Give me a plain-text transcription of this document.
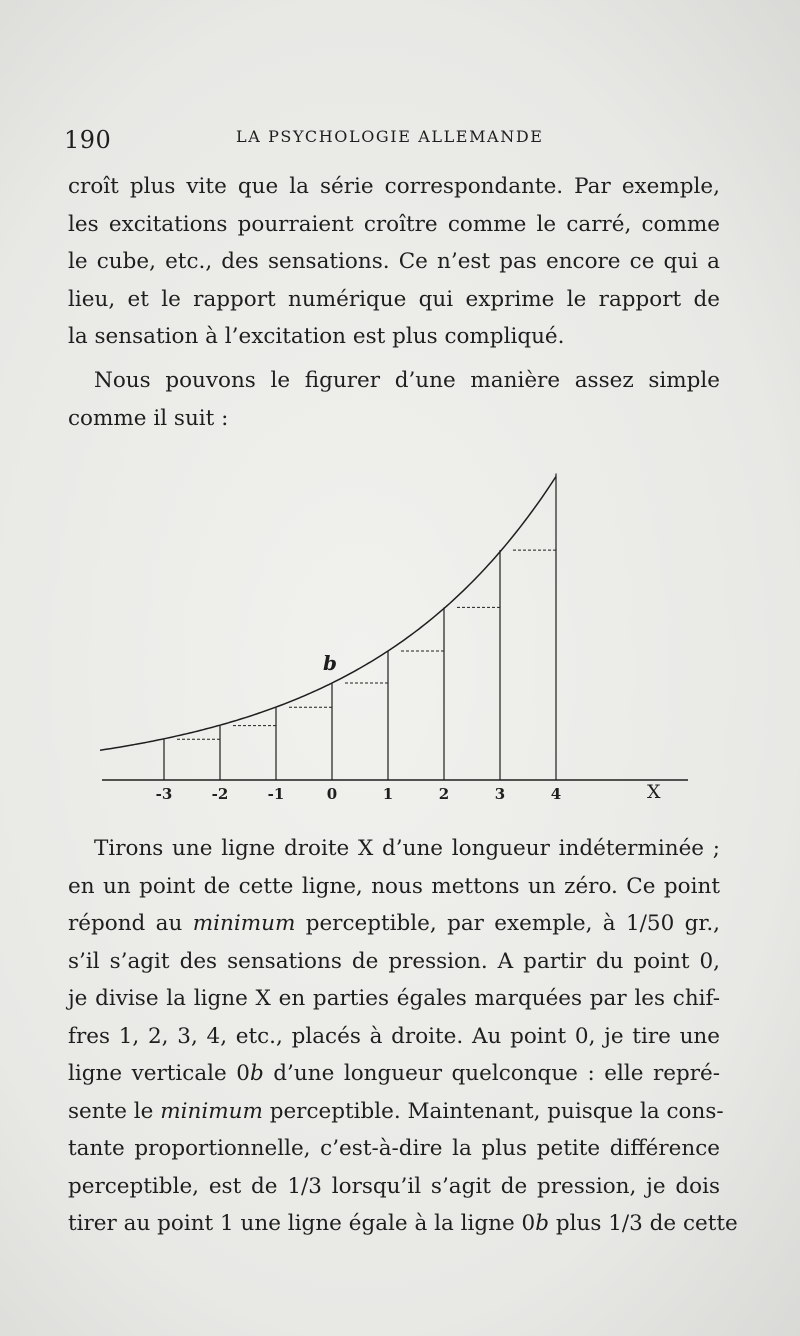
190	LA PSYCHOLOGIE ALLEMANDE

croît plus vite que la série correspondante. Par exemple,
les excitations pourraient croître comme le carré, comme
le cube, etc., des sensations. Ce n’est pas encore ce qui a
lieu, et le rapport numérique qui exprime le rapport de
la sensation à l’excitation est plus compliqué.

Nous pouvons le figurer d’une manière assez simple
comme il suit :

-3	-2	-1	0	1	2	3	4	X
b

Tirons une ligne droite X d’une longueur indéterminée ;
en un point de cette ligne, nous mettons un zéro. Ce point
répond au minimum perceptible, par exemple, à 1/50 gr.,
s’il s’agit des sensations de pression. A partir du point 0,
je divise la ligne X en parties égales marquées par les chif-
fres 1, 2, 3, 4, etc., placés à droite. Au point 0, je tire une
ligne verticale 0b d’une longueur quelconque : elle repré-
sente le minimum perceptible. Maintenant, puisque la cons-
tante proportionnelle, c’est-à-dire la plus petite différence
perceptible, est de 1/3 lorsqu’il s’agit de pression, je dois
tirer au point 1 une ligne égale à la ligne 0b plus 1/3 de cette
